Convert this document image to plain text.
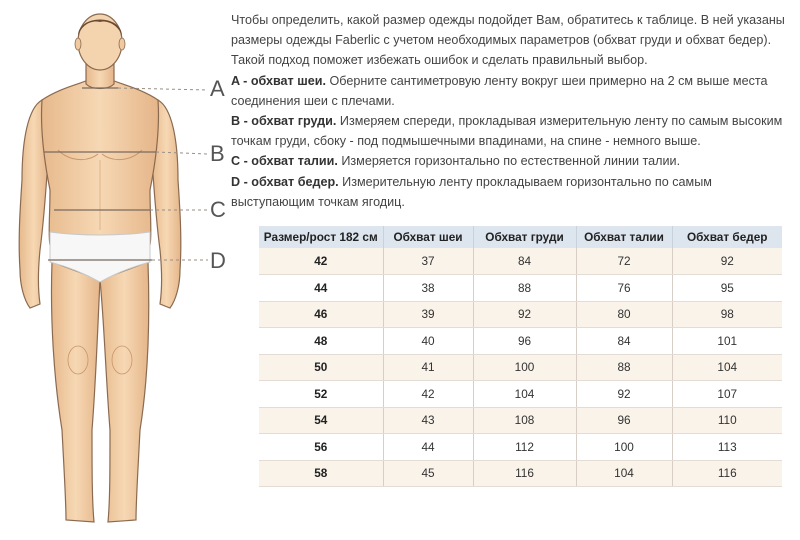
A
B
C
D

Чтобы определить, какой размер одежды подойдет Вам, обратитесь к таблице. В ней указаны размеры одежды Faberlic с учетом необходимых параметров (обхват груди и обхват бедер). Такой подход поможет избежать ошибок и сделать правильный выбор.

A - обхват шеи. Оберните сантиметровую ленту вокруг шеи примерно на 2 см выше места соединения шеи с плечами.

B - обхват груди. Измеряем спереди, прокладывая измерительную ленту по самым высоким точкам груди, сбоку - под подмышечными впадинами, на спине - немного выше.

C - обхват талии. Измеряется горизонтально по естественной линии талии.

D - обхват бедер. Измерительную ленту прокладываем горизонтально по самым выступающим точкам ягодиц.

Размер/рост 182 см	Обхват шеи	Обхват груди	Обхват талии	Обхват бедер
42	37	84	72	92
44	38	88	76	95
46	39	92	80	98
48	40	96	84	101
50	41	100	88	104
52	42	104	92	107
54	43	108	96	110
56	44	112	100	113
58	45	116	104	116
